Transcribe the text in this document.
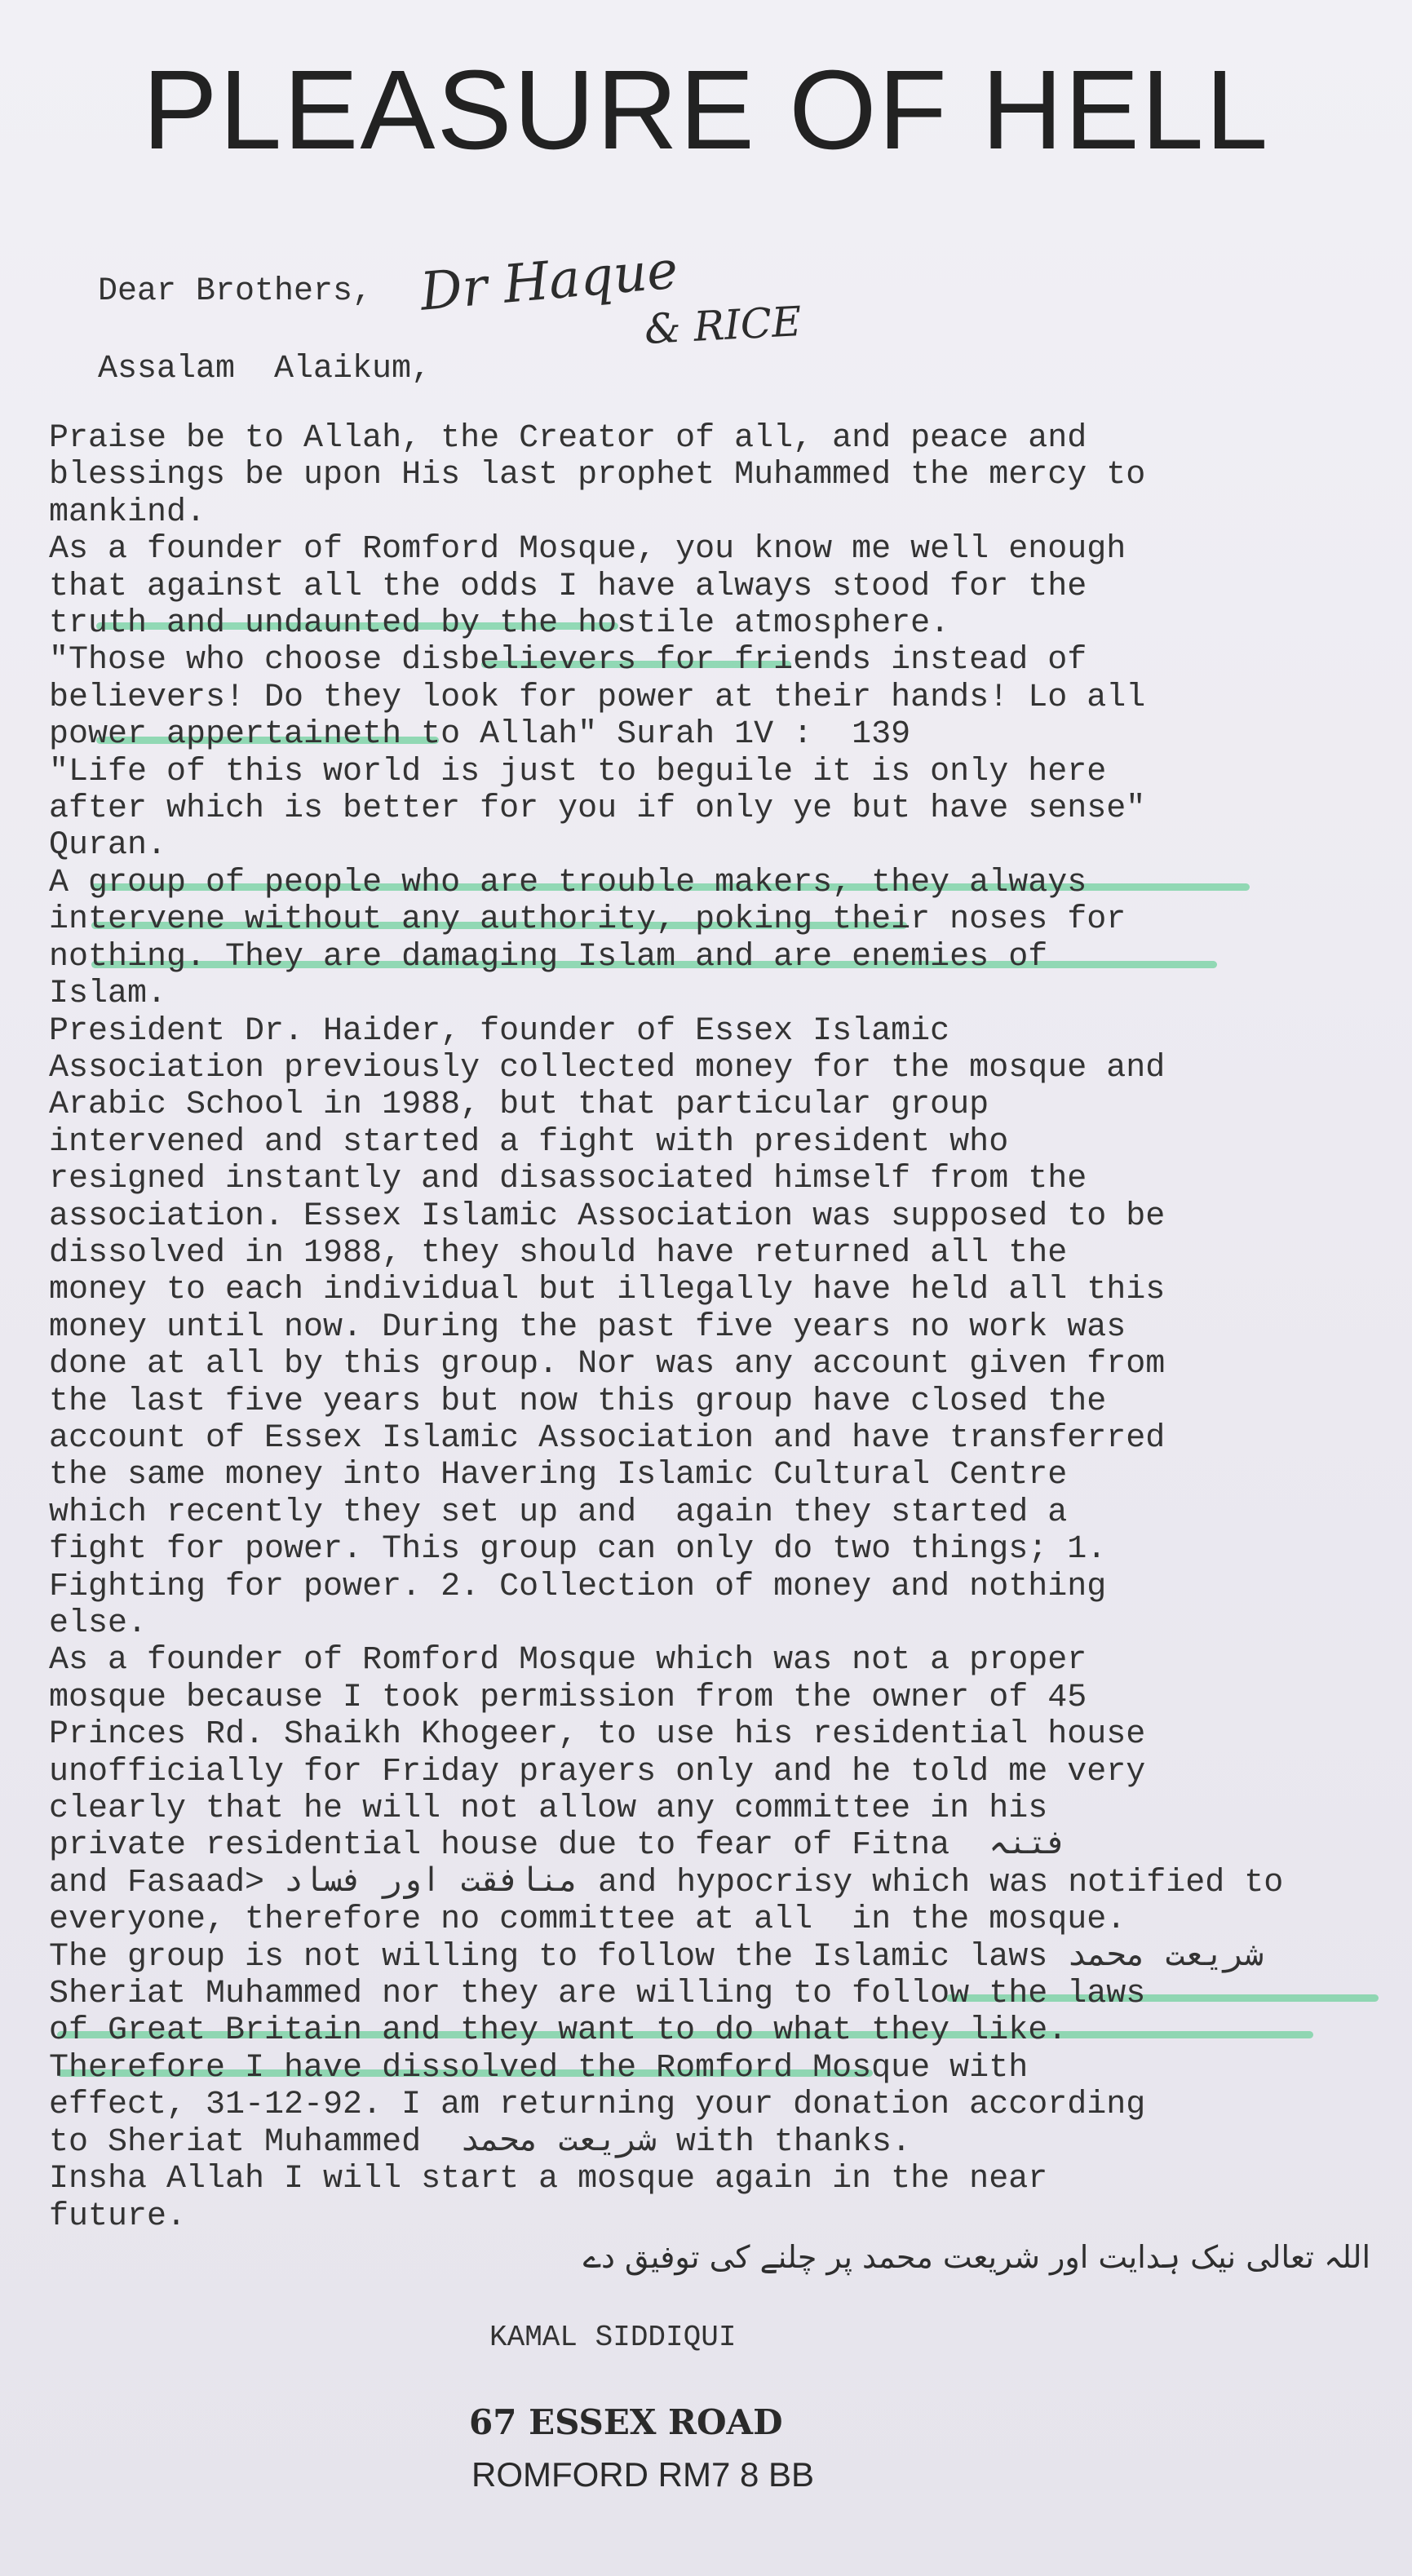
PLEASURE OF HELL
Dear Brothers, Dr Haque
& RICE
Assalam  Alaikum,
Praise be to Allah, the Creator of all, and peace and
blessings be upon His last prophet Muhammed the mercy to
mankind.
As a founder of Romford Mosque, you know me well enough
that against all the odds I have always stood for the
truth and undaunted by the hostile atmosphere.
"Those who choose disbelievers for friends instead of
believers! Do they look for power at their hands! Lo all
power appertaineth to Allah" Surah 1V :  139
"Life of this world is just to beguile it is only here
after which is better for you if only ye but have sense"
Quran.
A group of people who are trouble makers, they always
intervene without any authority, poking their noses for
nothing. They are damaging Islam and are enemies of
Islam.
President Dr. Haider, founder of Essex Islamic
Association previously collected money for the mosque and
Arabic School in 1988, but that particular group
intervened and started a fight with president who
resigned instantly and disassociated himself from the
association. Essex Islamic Association was supposed to be
dissolved in 1988, they should have returned all the
money to each individual but illegally have held all this
money until now. During the past five years no work was
done at all by this group. Nor was any account given from
the last five years but now this group have closed the
account of Essex Islamic Association and have transferred
the same money into Havering Islamic Cultural Centre
which recently they set up and  again they started a
fight for power. This group can only do two things; 1.
Fighting for power. 2. Collection of money and nothing
else.
As a founder of Romford Mosque which was not a proper
mosque because I took permission from the owner of 45
Princes Rd. Shaikh Khogeer, to use his residential house
unofficially for Friday prayers only and he told me very
clearly that he will not allow any committee in his
private residential house due to fear of Fitna  فتنہ
and Fasaad> منافقت اور فساد and hypocrisy which was notified to
everyone, therefore no committee at all  in the mosque.
The group is not willing to follow the Islamic laws شریعت محمد
Sheriat Muhammed nor they are willing to follow the laws
of Great Britain and they want to do what they like.
Therefore I have dissolved the Romford Mosque with
effect, 31-12-92. I am returning your donation according
to Sheriat Muhammed  شریعت محمد with thanks.
Insha Allah I will start a mosque again in the near
future.
اللہ تعالی نیک ہدایت اور شریعت محمد پر چلنے کی توفیق دے
KAMAL SIDDIQUI
67 ESSEX ROAD
ROMFORD RM7 8 BB
